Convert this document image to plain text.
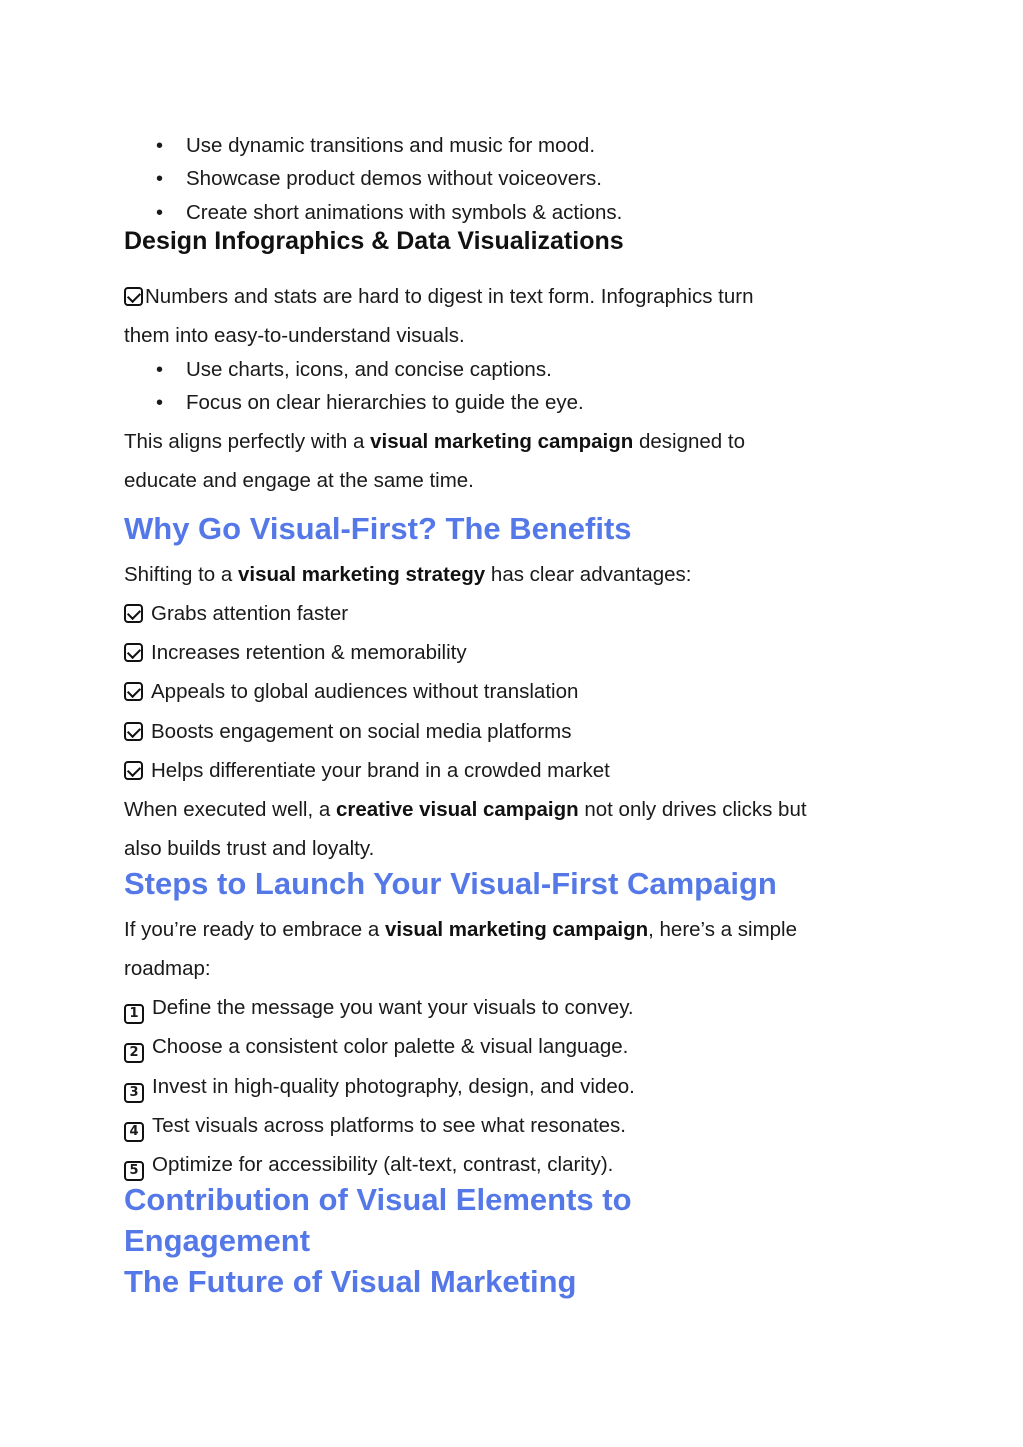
• Use dynamic transitions and music for mood.
• Showcase product demos without voiceovers.
• Create short animations with symbols & actions.
Design Infographics & Data Visualizations
Numbers and stats are hard to digest in text form. Infographics turn
them into easy-to-understand visuals.
• Use charts, icons, and concise captions.
• Focus on clear hierarchies to guide the eye.
This aligns perfectly with a visual marketing campaign designed to
educate and engage at the same time.
Why Go Visual-First? The Benefits
Shifting to a visual marketing strategy has clear advantages:
Grabs attention faster
Increases retention & memorability
Appeals to global audiences without translation
Boosts engagement on social media platforms
Helps differentiate your brand in a crowded market
When executed well, a creative visual campaign not only drives clicks but
also builds trust and loyalty.
Steps to Launch Your Visual-First Campaign
If you’re ready to embrace a visual marketing campaign, here’s a simple
roadmap:
1 Define the message you want your visuals to convey.
2 Choose a consistent color palette & visual language.
3 Invest in high-quality photography, design, and video.
4 Test visuals across platforms to see what resonates.
5 Optimize for accessibility (alt-text, contrast, clarity).
Contribution of Visual Elements to
Engagement
The Future of Visual Marketing
